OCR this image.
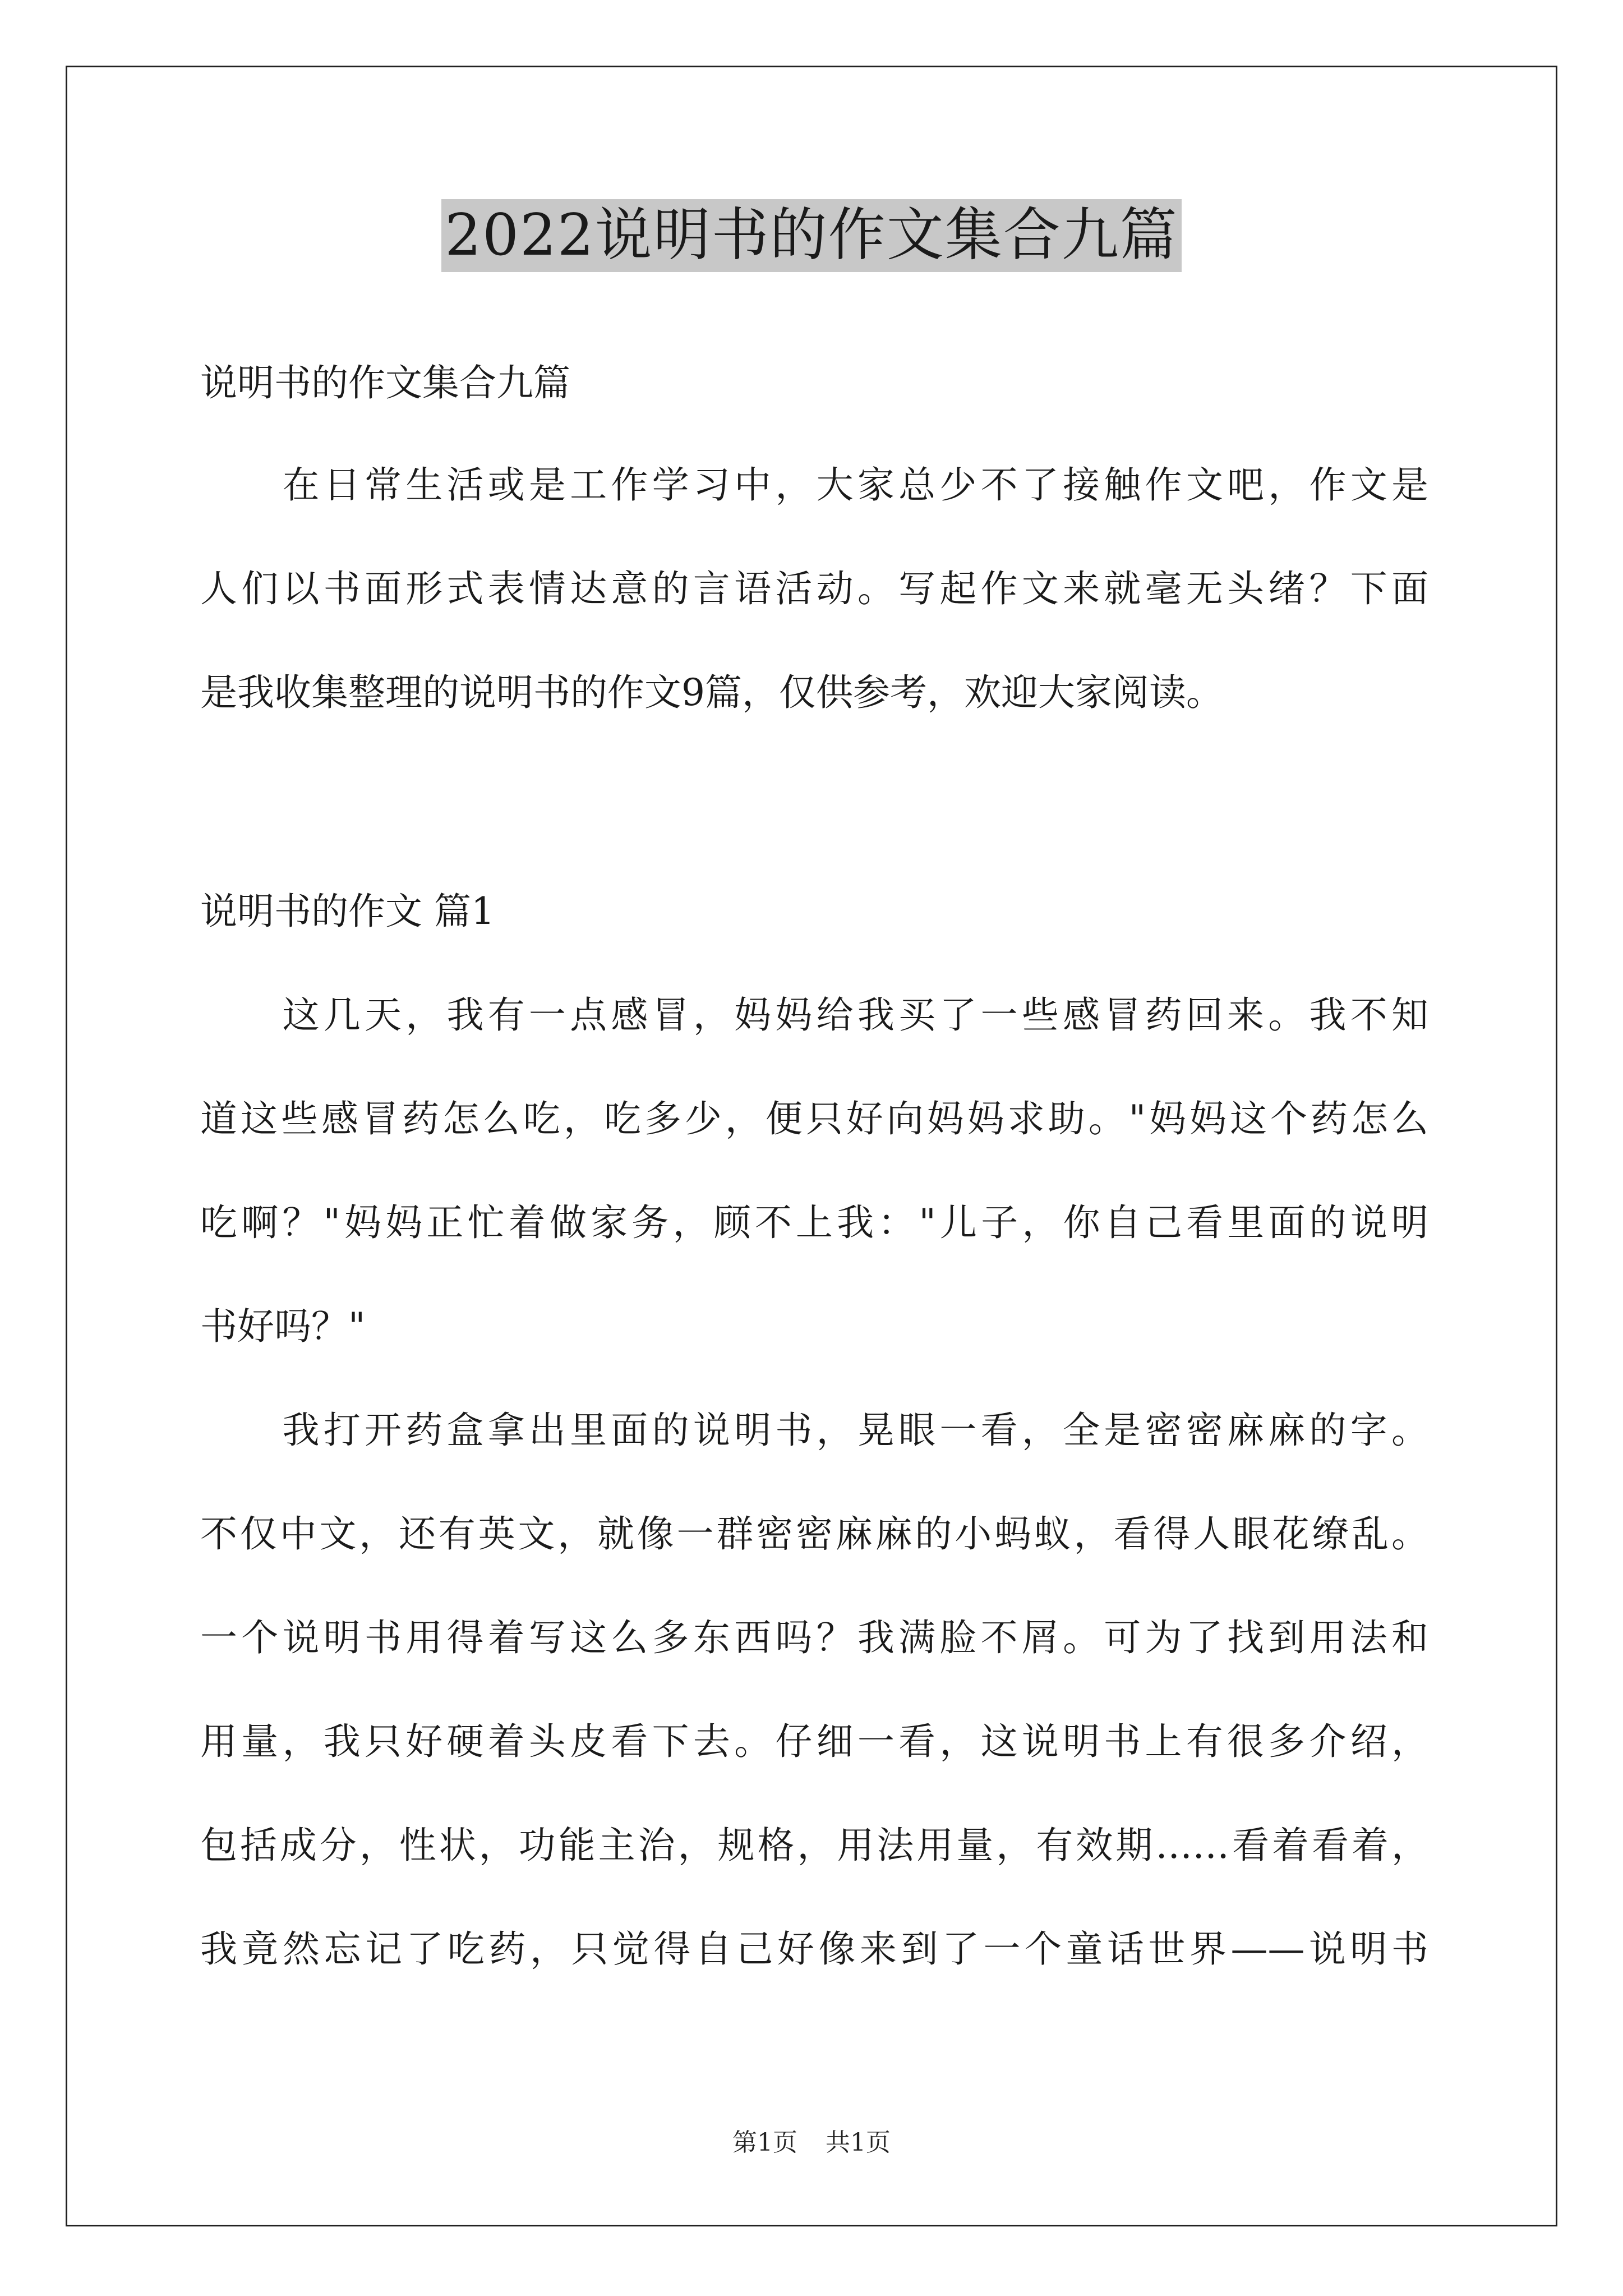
2022说明书的作文集合九篇
说明书的作文集合九篇
　　在日常生活或是工作学习中，大家总少不了接触作文吧，作文是
人们以书面形式表情达意的言语活动。写起作文来就毫无头绪？下面
是我收集整理的说明书的作文9篇，仅供参考，欢迎大家阅读。
说明书的作文 篇1
　　这几天，我有一点感冒，妈妈给我买了一些感冒药回来。我不知
道这些感冒药怎么吃，吃多少，便只好向妈妈求助。"妈妈这个药怎么
吃啊？"妈妈正忙着做家务，顾不上我："儿子，你自己看里面的说明
书好吗？"
　　我打开药盒拿出里面的说明书，晃眼一看，全是密密麻麻的字。
不仅中文，还有英文，就像一群密密麻麻的小蚂蚁，看得人眼花缭乱。
一个说明书用得着写这么多东西吗？我满脸不屑。可为了找到用法和
用量，我只好硬着头皮看下去。仔细一看，这说明书上有很多介绍，
包括成分，性状，功能主治，规格，用法用量，有效期……看着看着，
我竟然忘记了吃药，只觉得自己好像来到了一个童话世界——说明书
第1页 共1页
